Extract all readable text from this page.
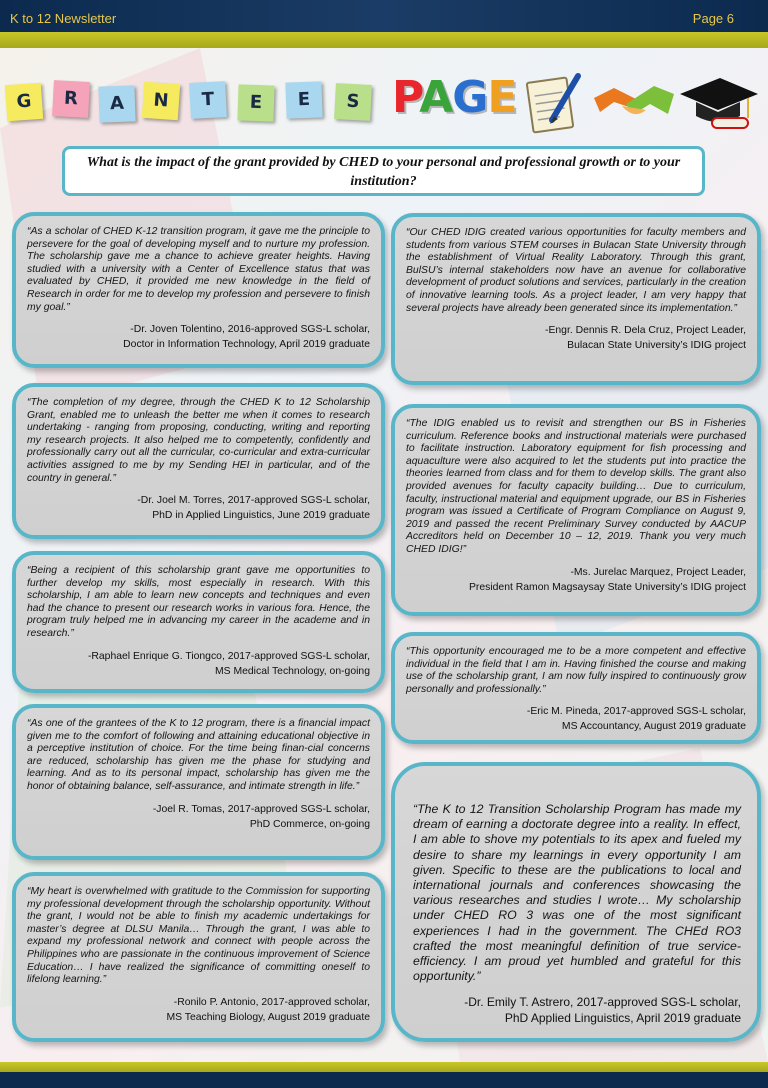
K to 12 Newsletter	Page 6
G	R	A	N	T	E	E	S PAGE
What is the impact of the grant provided by CHED to your personal and professional growth or to your institution?

“As a scholar of CHED K-12 transition program, it gave me the principle to persevere for the goal of developing myself and to nurture my profession. The scholarship gave me a chance to achieve greater heights. Having studied with a university with a Center of Excellence status that was evaluated by CHED, it provided me new knowledge in the field of Research in order for me to develop my profession and persevere to finish my goal.”

-Dr. Joven Tolentino, 2016-approved SGS-L scholar,
Doctor in Information Technology, April 2019 graduate

“The completion of my degree, through the CHED K to 12 Scholarship Grant, enabled me to unleash the better me when it comes to research undertaking - ranging from proposing, conducting, writing and reporting my research projects. It also helped me to competently, confidently and professionally carry out all the curricular, co-curricular and extra-curricular activities assigned to me by my Sending HEI in particular, and of the country in general.”

-Dr. Joel M. Torres, 2017-approved SGS-L scholar,
PhD in Applied Linguistics, June 2019 graduate

“Being a recipient of this scholarship grant gave me opportunities to further develop my skills, most especially in research. With this scholarship, I am able to learn new concepts and techniques and even had the chance to present our research works in various fora. Hence, the program truly helped me in advancing my career in the academe and in research.”

-Raphael Enrique G. Tiongco, 2017-approved SGS-L scholar,
MS Medical Technology, on-going

“As one of the grantees of the K to 12 program, there is a financial impact given me to the comfort of following and attaining educational objective in a perceptive institution of choice. For the time being finan-cial concerns are reduced, scholarship has given me the phase for studying and learning. And as to its personal impact, scholarship has given me the honor of obtaining balance, self-assurance, and intimate strength in life.”

-Joel R. Tomas, 2017-approved SGS-L scholar,
PhD Commerce, on-going

“My heart is overwhelmed with gratitude to the Commission for supporting my professional development through the scholarship opportunity. Without the grant, I would not be able to finish my academic undertakings for master’s degree at DLSU Manila… Through the grant, I was able to expand my professional network and connect with people across the Philippines who are passionate in the continuous improvement of Science Education… I have realized the significance of committing oneself to lifelong learning.”

-Ronilo P. Antonio, 2017-approved scholar,
MS Teaching Biology, August 2019 graduate

“Our CHED IDIG created various opportunities for faculty members and students from various STEM courses in Bulacan State University through the establishment of Virtual Reality Laboratory. Through this grant, BulSU’s internal stakeholders now have an avenue for collaborative development of product solutions and services, particularly in the creation of innovative learning tools. As a project leader, I am very happy that several projects have already been generated since its implementation.”

-Engr. Dennis R. Dela Cruz, Project Leader,
Bulacan State University’s IDIG project

“The IDIG enabled us to revisit and strengthen our BS in Fisheries curriculum. Reference books and instructional materials were purchased to facilitate instruction. Laboratory equipment for fish processing and aquaculture were also acquired to let the students put into practice the theories learned from class and for them to develop skills. The grant also provided avenues for faculty capacity building… Due to curriculum, faculty, instructional material and equipment upgrade, our BS in Fisheries program was issued a Certificate of Program Compliance on August 9, 2019 and passed the recent Preliminary Survey conducted by AACUP Accreditors held on December 10 – 12, 2019. Thank you very much CHED IDIG!”

-Ms. Jurelac Marquez, Project Leader,
President Ramon Magsaysay State University’s IDIG project

“This opportunity encouraged me to be a more competent and effective individual in the field that I am in. Having finished the course and making use of the scholarship grant, I am now fully inspired to continuously grow personally and professionally.”

-Eric M. Pineda, 2017-approved SGS-L scholar,
MS Accountancy, August 2019 graduate

“The K to 12 Transition Scholarship Program has made my dream of earning a doctorate degree into a reality. In effect, I am able to shove my potentials to its apex and fueled my desire to share my learnings in every opportunity I am given. Specific to these are the publications to local and international journals and conferences showcasing the various researches and studies I wrote… My scholarship under CHED RO 3 was one of the most significant experiences I had in the government. The CHEd RO3 crafted the most meaningful definition of true service-efficiency. I am proud yet humbled and grateful for this opportunity.”

-Dr. Emily T. Astrero, 2017-approved SGS-L scholar,
PhD Applied Linguistics, April 2019 graduate
